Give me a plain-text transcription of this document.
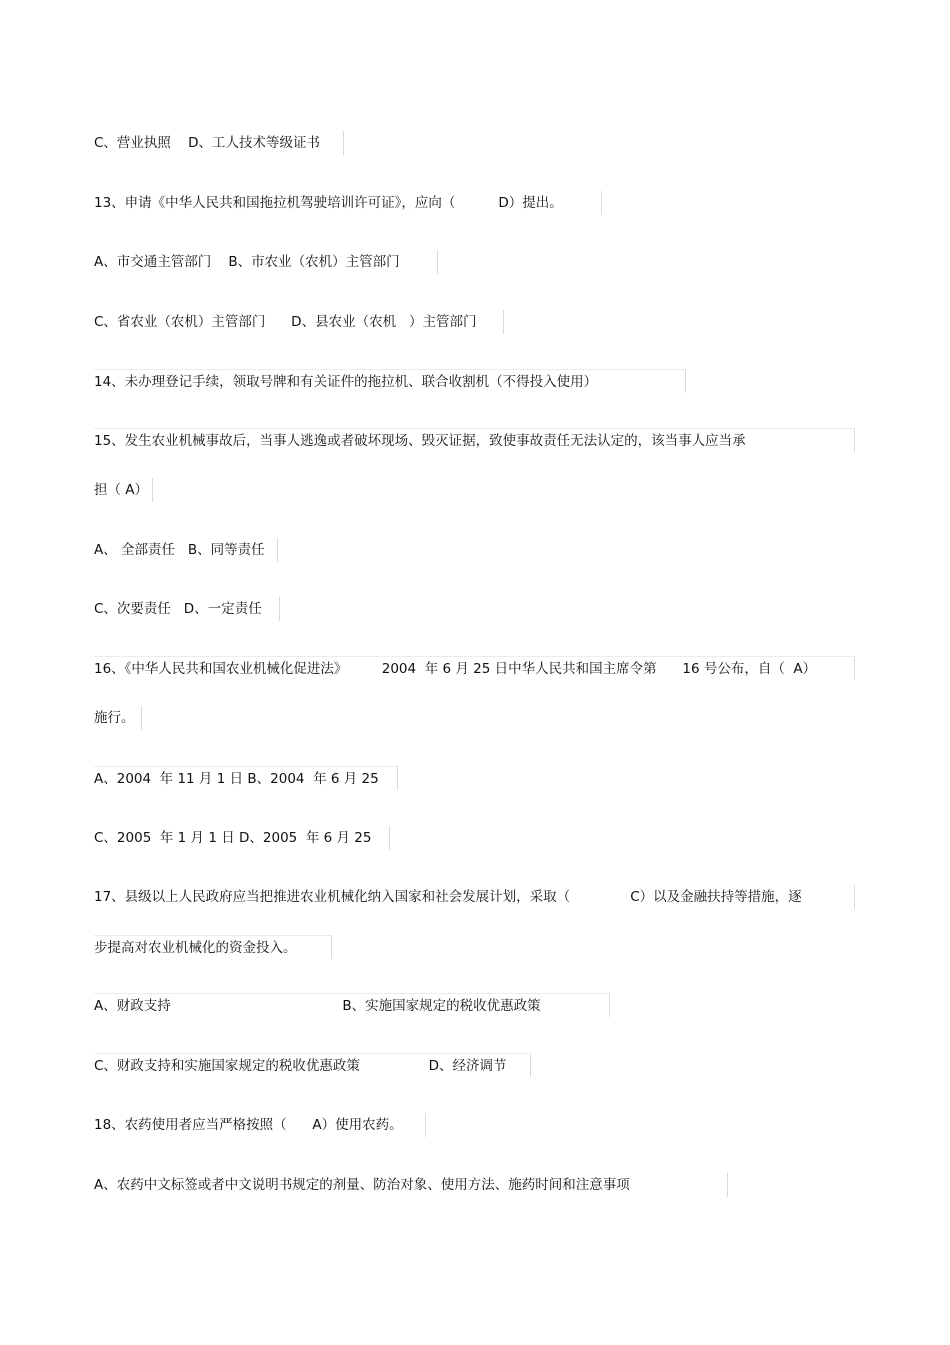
C、营业执照    D、工人技术等级证书
13、申请《中华人民共和国拖拉机驾驶培训许可证》，应向（          D）提出。
A、市交通主管部门    B、市农业（农机）主管部门
C、省农业（农机）主管部门      D、县农业（农机   ）主管部门
14、未办理登记手续，领取号牌和有关证件的拖拉机、联合收割机（不得投入使用）
15、发生农业机械事故后，当事人逃逸或者破坏现场、毁灭证据，致使事故责任无法认定的，该当事人应当承
担（ A）
A、 全部责任   B、同等责任
C、次要责任   D、一定责任
16、《中华人民共和国农业机械化促进法》        2004  年 6 月 25 日中华人民共和国主席令第      16 号公布，自（  A）
施行。
A、2004  年 11 月 1 日 B、2004  年 6 月 25
C、2005  年 1 月 1 日 D、2005  年 6 月 25
17、县级以上人民政府应当把推进农业机械化纳入国家和社会发展计划，采取（              C）以及金融扶持等措施，逐
步提高对农业机械化的资金投入。
A、财政支持                                        B、实施国家规定的税收优惠政策
C、财政支持和实施国家规定的税收优惠政策                D、经济调节
18、农药使用者应当严格按照（      A）使用农药。
A、农药中文标签或者中文说明书规定的剂量、防治对象、使用方法、施药时间和注意事项
